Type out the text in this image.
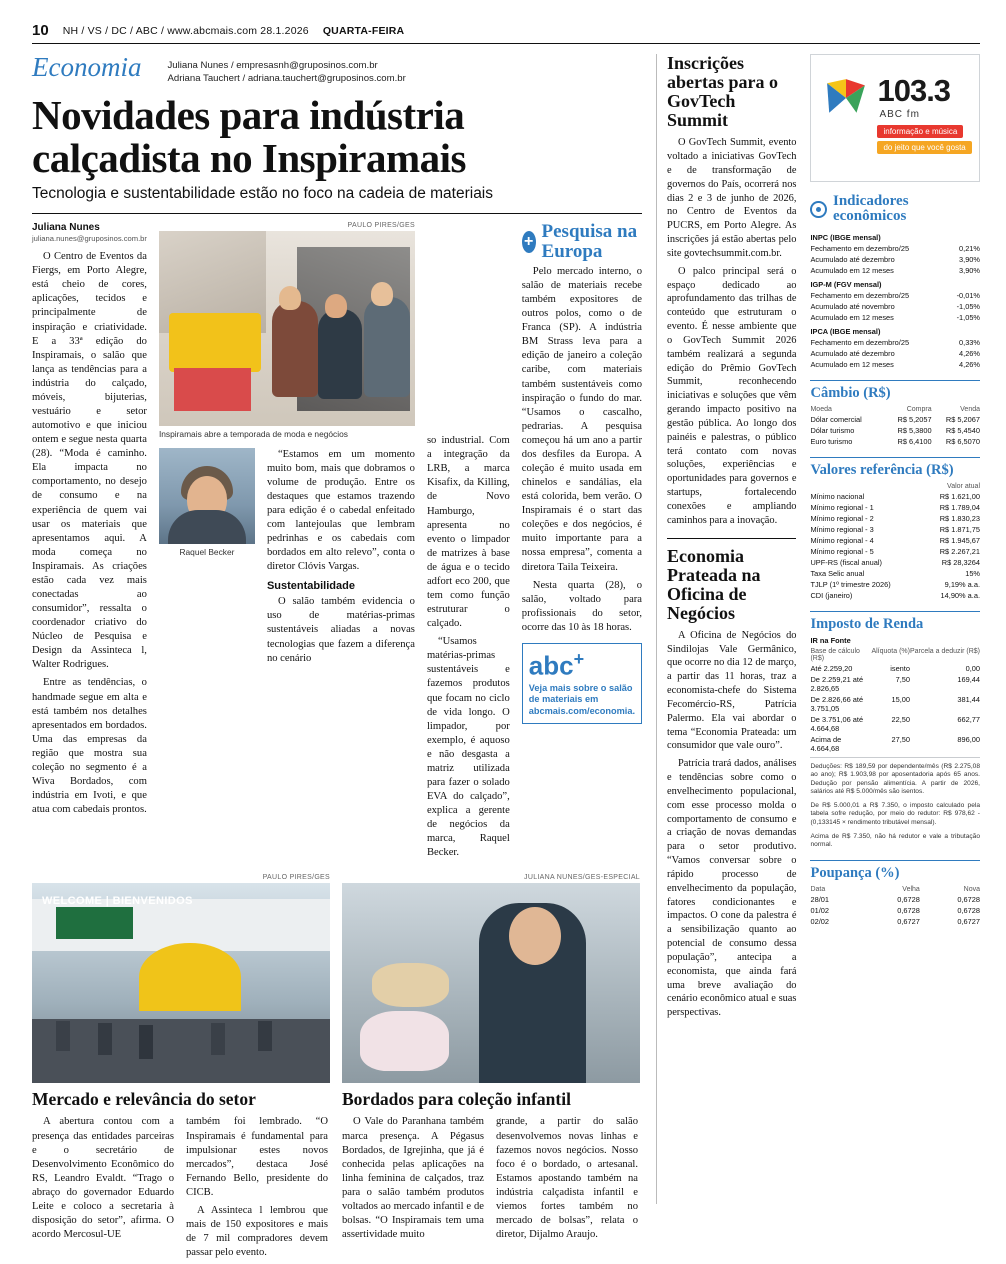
10 NH / VS / DC / ABC / www.abcmais.com 28.1.2026 QUARTA-FEIRA
Economia	Juliana Nunes / empresasnh@gruposinos.com.br
Adriana Tauchert / adriana.tauchert@gruposinos.com.br
Novidades para indústria calçadista no Inspiramais
Tecnologia e sustentabilidade estão no foco na cadeia de materiais
Juliana Nunes
juliana.nunes@gruposinos.com.br

O Centro de Eventos da Fiergs, em Porto Alegre, está cheio de cores, aplicações, tecidos e principalmente de inspiração e criatividade. E a 33ª edição do Inspiramais, o salão que lança as tendências para a indústria do calçado, móveis, bijuterias, vestuário e setor automotivo e que iniciou ontem e segue nesta quarta (28). “Moda é caminho. Ela impacta no comportamento, no desejo de consumo e na experiência de quem vai usar os materiais que apresentamos aqui. A moda começa no Inspiramais. As criações estão cada vez mais conectadas ao consumidor”, ressalta o coordenador criativo do Núcleo de Pesquisa e Design da Assinteca l, Walter Rodrigues.

Entre as tendências, o handmade segue em alta e está também nos detalhes apresentados em bordados. Uma das empresas da região que mostra sua coleção no segmento é a Wiva Bordados, com indústria em Ivoti, e que atua com cabedais prontos.

PAULO PIRES/GES
Inspiramais abre a temporada de moda e negócios
Raquel Becker

“Estamos em um momento muito bom, mais que dobramos o volume de produção. Entre os destaques que estamos trazendo para edição é o cabedal enfeitado com lantejoulas que lembram pedrinhas e os cabedais com bordados em alto relevo”, conta o diretor Clóvis Vargas.

Sustentabilidade

O salão também evidencia o uso de matérias-primas sustentáveis aliadas a novas tecnologias que fazem a diferença no cenário

so industrial. Com a integração da LRB, a marca Kisafix, da Killing, de Novo Hamburgo, apresenta no evento o limpador de matrizes à base de água e o tecido adfort eco 200, que tem como função estruturar o calçado.

“Usamos matérias-primas sustentáveis e fazemos produtos que focam no ciclo de vida longo. O limpador, por exemplo, é aquoso e não desgasta a matriz utilizada para fazer o solado EVA do calçado”, explica a gerente de negócios da marca, Raquel Becker.

+ Pesquisa na Europa

Pelo mercado interno, o salão de materiais recebe também expositores de outros polos, como o de Franca (SP). A indústria BM Strass leva para a edição de janeiro a coleção caribe, com materiais também sustentáveis como inspiração o fundo do mar. “Usamos o cascalho, pedrarias. A pesquisa começou há um ano a partir dos desfiles da Europa. A coleção é muito usada em chinelos e sandálias, ela está colorida, bem verão. O Inspiramais é o start das coleções e dos negócios, é muito importante para a nossa empresa”, comenta a diretora Taila Teixeira.

Nesta quarta (28), o salão, voltado para profissionais do setor, ocorre das 10 às 18 horas.

abc+
Veja mais sobre o salão de materiais em abcmais.com/economia.
PAULO PIRES/GES
WELCOME | BIENVENIDOS
JULIANA NUNES/GES-ESPECIAL
Mercado e relevância do setor

A abertura contou com a presença das entidades parceiras e o secretário de Desenvolvimento Econômico do RS, Leandro Evaldt. “Trago o abraço do governador Eduardo Leite e coloco a secretaria à disposição do setor”, afirma. O acordo Mercosul-UE

também foi lembrado. “O Inspiramais é fundamental para impulsionar estes novos mercados”, destaca José Fernando Bello, presidente do CICB.

A Assinteca l lembrou que mais de 150 expositores e mais de 7 mil compradores devem passar pelo evento.

Bordados para coleção infantil

O Vale do Paranhana também marca presença. A Pégasus Bordados, de Igrejinha, que já é conhecida pelas aplicações na linha feminina de calçados, traz para o salão também produtos voltados ao mercado infantil e de bolsas. “O Inspiramais tem uma assertividade muito

grande, a partir do salão desenvolvemos novas linhas e fazemos novos negócios. Nosso foco é o bordado, o artesanal. Estamos apostando também na indústria calçadista infantil e viemos fortes também no mercado de bolsas”, relata o diretor, Dijalmo Araujo.

Inscrições abertas para o GovTech Summit

O GovTech Summit, evento voltado a iniciativas GovTech e de transformação de governos do País, ocorrerá nos dias 2 e 3 de junho de 2026, no Centro de Eventos da PUCRS, em Porto Alegre. As inscrições já estão abertas pelo site govtechsummit.com.br.

O palco principal será o espaço dedicado ao aprofundamento das trilhas de conteúdo que estruturam o evento. É nesse ambiente que o GovTech Summit 2026 também realizará a segunda edição do Prêmio GovTech Summit, reconhecendo iniciativas e soluções que vêm gerando impacto positivo na gestão pública. Ao longo dos painéis e palestras, o público terá contato com novas soluções, experiências e oportunidades para governos e startups, fortalecendo conexões e ampliando caminhos para a inovação.

Economia Prateada na Oficina de Negócios

A Oficina de Negócios do Sindilojas Vale Germânico, que ocorre no dia 12 de março, a partir das 11 horas, traz a economista-chefe do Sistema Fecomércio-RS, Patrícia Palermo. Ela vai abordar o tema “Economia Prateada: um consumidor que vale ouro”.

Patrícia trará dados, análises e tendências sobre como o envelhecimento populacional, com esse processo molda o comportamento de consumo e a criação de novas demandas para o setor produtivo. “Vamos conversar sobre o rápido processo de envelhecimento da população, fatores condicionantes e impactos. O cone da palestra é a sensibilização quanto ao potencial de consumo dessa população”, antecipa a economista, que ainda fará uma breve avaliação do cenário econômico atual e suas perspectivas.

103.3
ABC fm
informação e música
do jeito que você gosta
Indicadores econômicos
INPC (IBGE mensal)	
Fechamento em dezembro/25	0,21%
Acumulado até dezembro	3,90%
Acumulado em 12 meses	3,90%
IGP-M (FGV mensal)	
Fechamento em dezembro/25	-0,01%
Acumulado até novembro	-1,05%
Acumulado em 12 meses	-1,05%
IPCA (IBGE mensal)	
Fechamento em dezembro/25	0,33%
Acumulado até dezembro	4,26%
Acumulado em 12 meses	4,26%
Câmbio (R$)
Moeda	Compra	Venda
Dólar comercial	R$ 5,2057	R$ 5,2067
Dólar turismo	R$ 5,3800	R$ 5,4540
Euro turismo	R$ 6,4100	R$ 6,5070
Valores referência (R$)
	Valor atual
Mínimo nacional	R$ 1.621,00
Mínimo regional - 1	R$ 1.789,04
Mínimo regional - 2	R$ 1.830,23
Mínimo regional - 3	R$ 1.871,75
Mínimo regional - 4	R$ 1.945,67
Mínimo regional - 5	R$ 2.267,21
UPF-RS (fiscal anual)	R$ 28,3264
Taxa Selic anual	15%
TJLP (1º trimestre 2026)	9,19% a.a.
CDI (janeiro)	14,90% a.a.
Imposto de Renda
IR na Fonte
Base de cálculo (R$)	Alíquota (%)	Parcela a deduzir (R$)
Até 2.259,20	isento	0,00
De 2.259,21 até 2.826,65	7,50	169,44
De 2.826,66 até 3.751,05	15,00	381,44
De 3.751,06 até 4.664,68	22,50	662,77
Acima de 4.664,68	27,50	896,00
Deduções: R$ 189,59 por dependente/mês (R$ 2.275,08 ao ano); R$ 1.903,98 por aposentadoria após 65 anos. Dedução por pensão alimentícia. A partir de 2026, salários até R$ 5.000/mês são isentos.
De R$ 5.000,01 a R$ 7.350, o imposto calculado pela tabela sofre redução, por meio do redutor: R$ 978,62 - (0,133145 × rendimento tributável mensal).
Acima de R$ 7.350, não há redutor e vale a tributação normal.
Poupança (%)
Data	Velha	Nova
28/01	0,6728	0,6728
01/02	0,6728	0,6728
02/02	0,6727	0,6727
